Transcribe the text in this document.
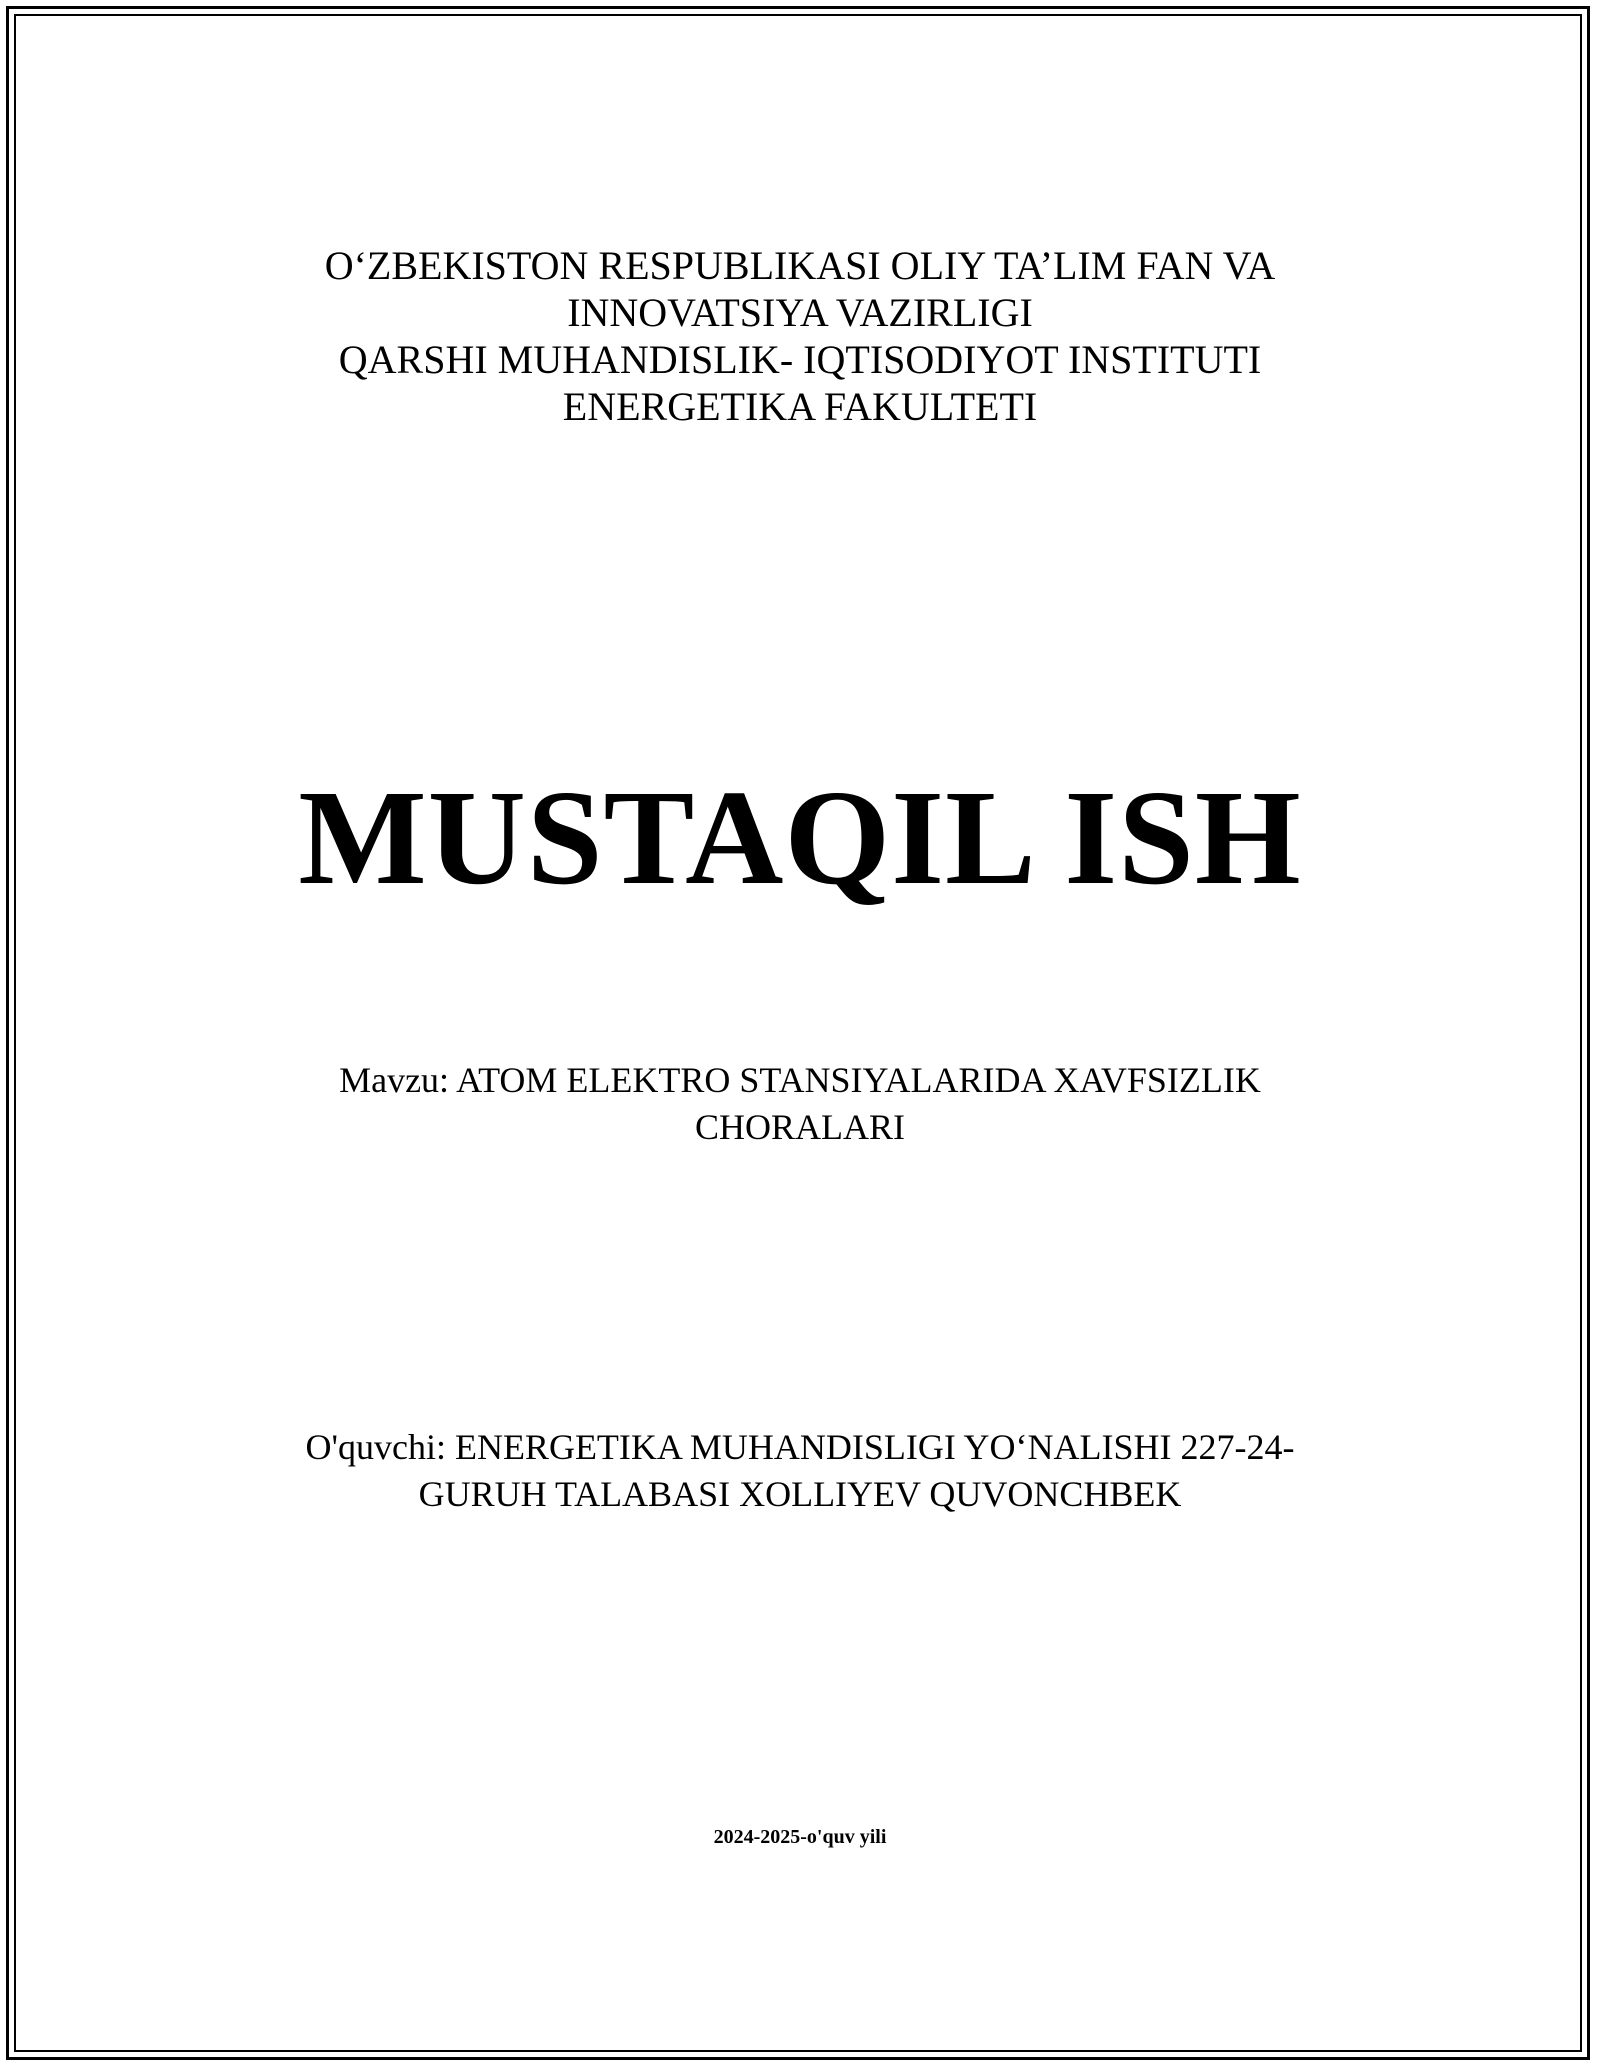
O‘ZBEKISTON RESPUBLIKASI OLIY TA’LIM FAN VA
INNOVATSIYA VAZIRLIGI
QARSHI MUHANDISLIK- IQTISODIYOT INSTITUTI
ENERGETIKA FAKULTETI
MUSTAQIL ISH
Mavzu: ATOM ELEKTRO STANSIYALARIDA XAVFSIZLIK
CHORALARI
O'quvchi: ENERGETIKA MUHANDISLIGI YO‘NALISHI 227-24-
GURUH TALABASI XOLLIYEV QUVONCHBEK
2024-2025-o'quv yili
